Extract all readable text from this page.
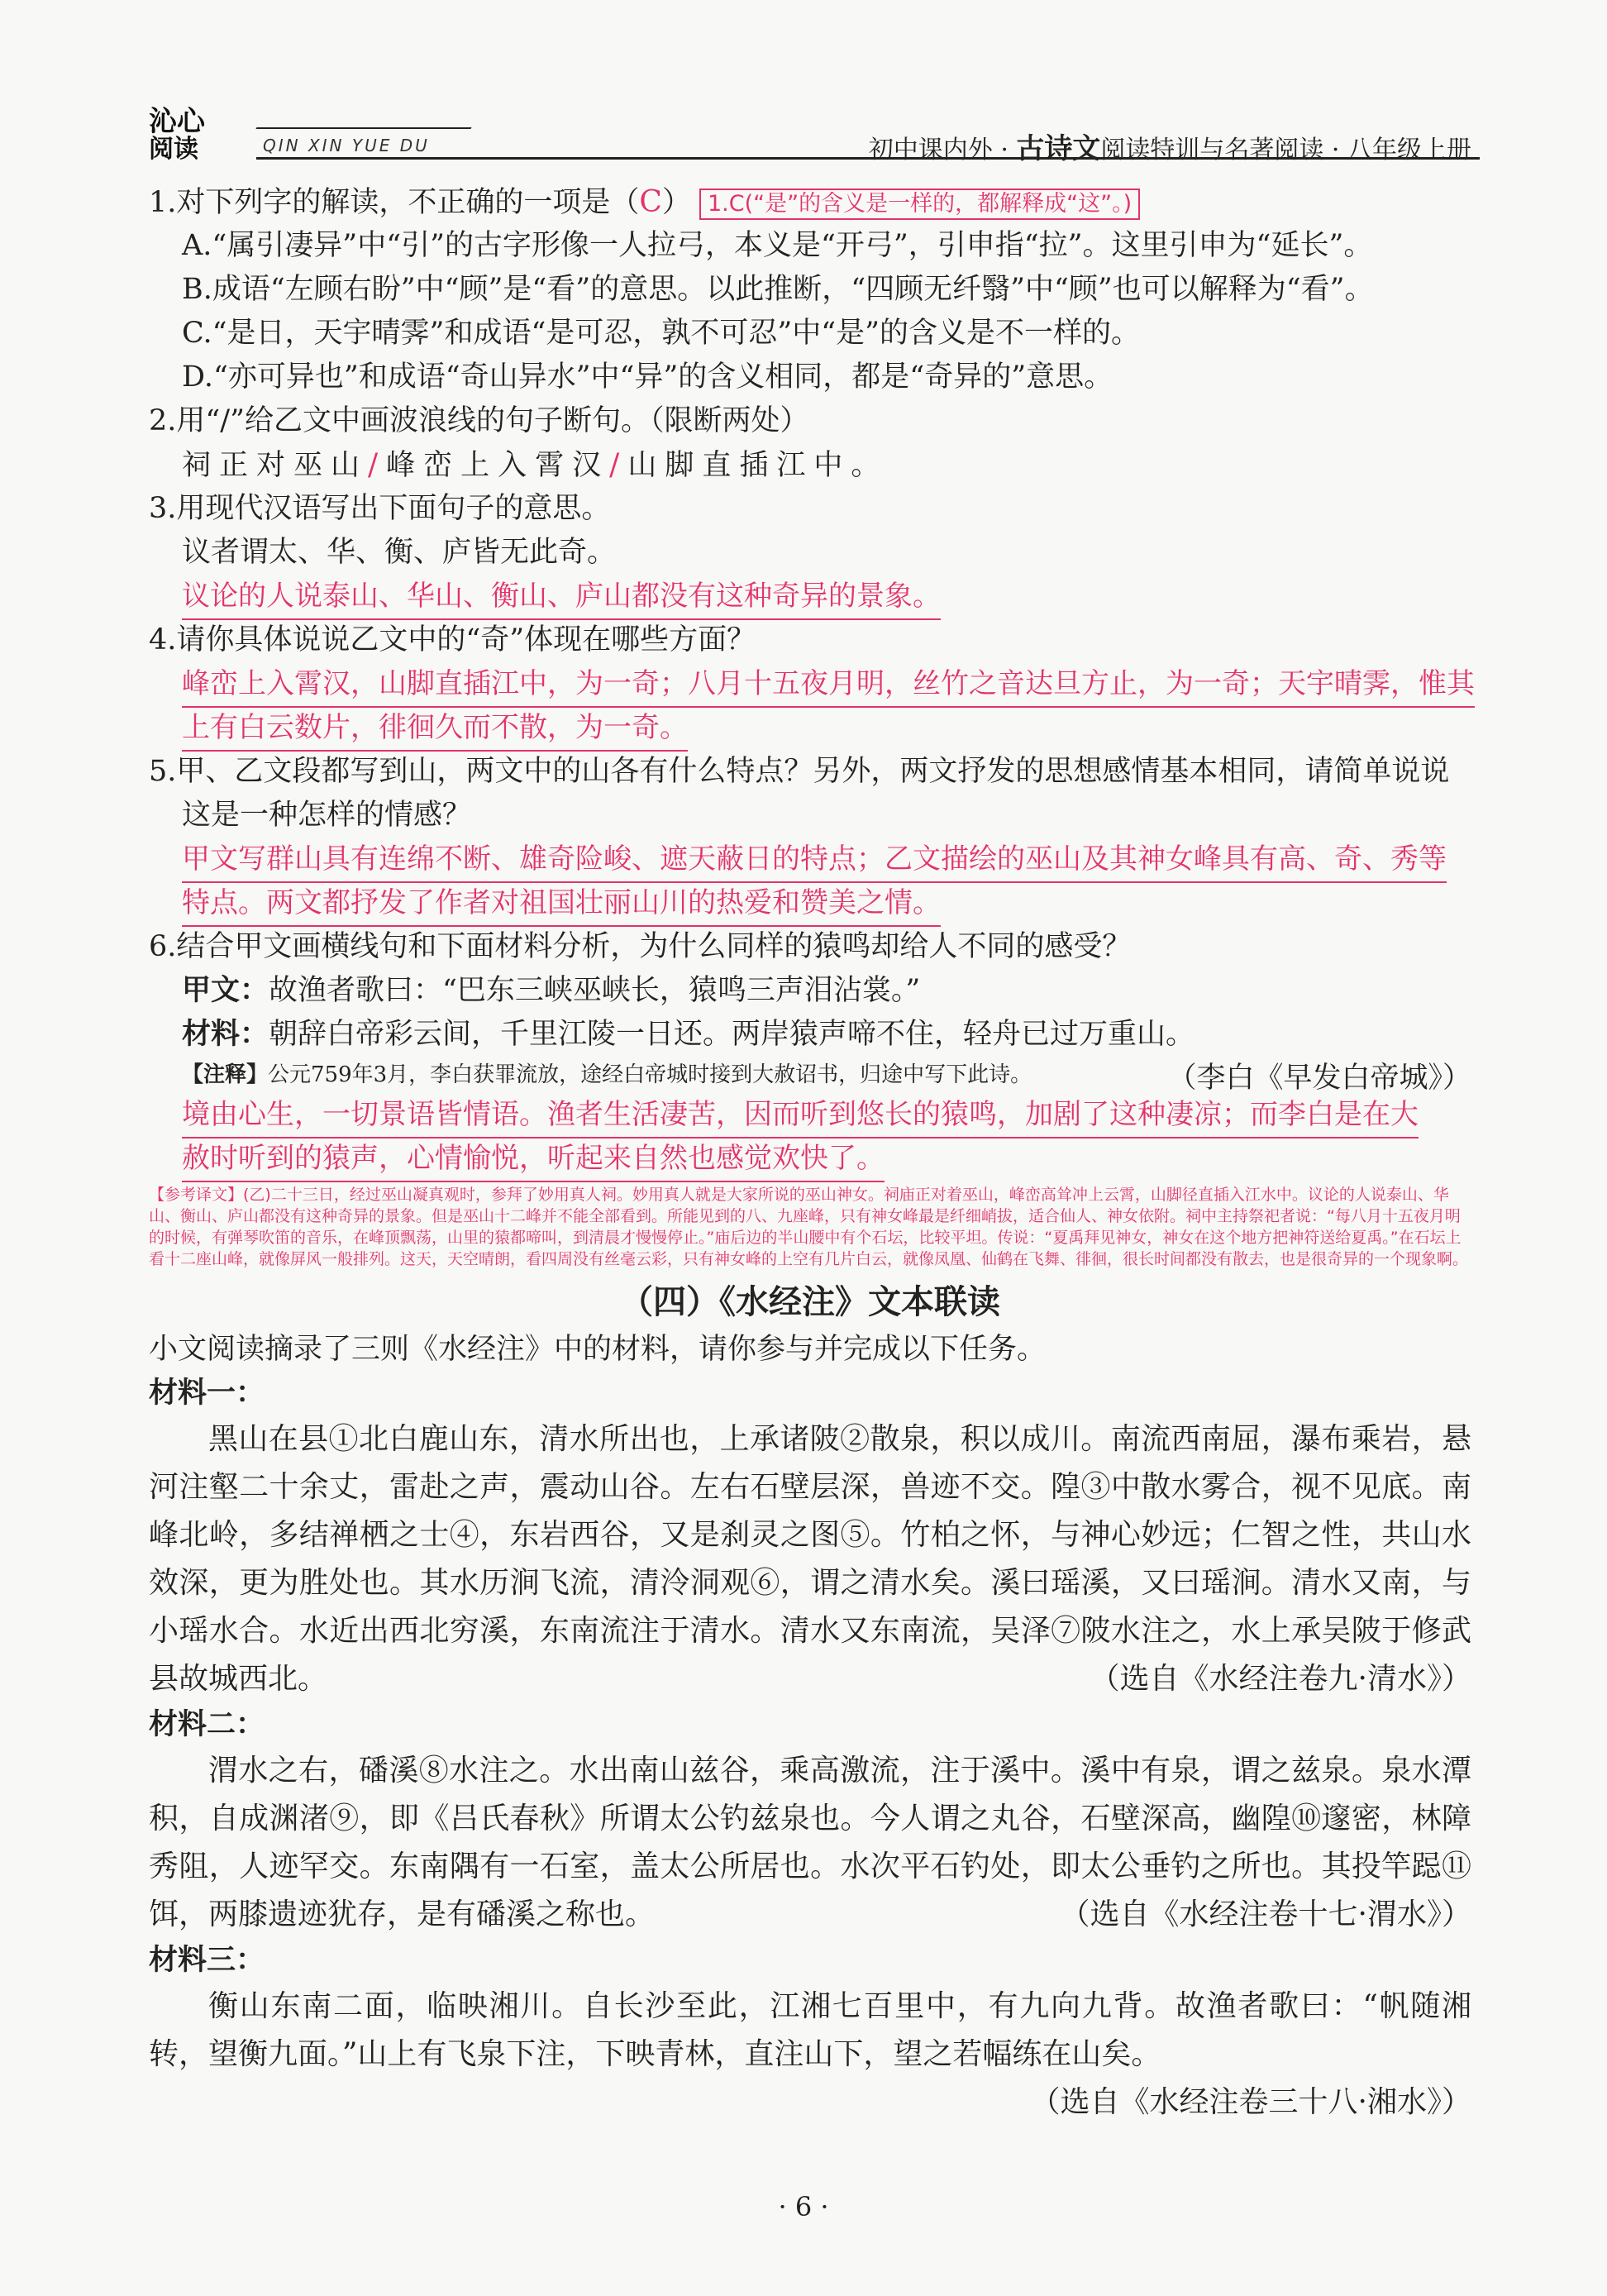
沁心
阅读	QIN XIN YUE DU	初中课内外 · 古诗文阅读特训与名著阅读 · 八年级上册
1.对下列字的解读，不正确的一项是（C） 1.C(“是”的含义是一样的，都解释成“这”。)
A.“属引凄异”中“引”的古字形像一人拉弓，本义是“开弓”，引申指“拉”。这里引申为“延长”。
B.成语“左顾右盼”中“顾”是“看”的意思。以此推断，“四顾无纤翳”中“顾”也可以解释为“看”。
C.“是日，天宇晴霁”和成语“是可忍，孰不可忍”中“是”的含义是不一样的。
D.“亦可异也”和成语“奇山异水”中“异”的含义相同，都是“奇异的”意思。
2.用“/”给乙文中画波浪线的句子断句。（限断两处）
祠正对巫山/峰峦上入霄汉/山脚直插江中。
3.用现代汉语写出下面句子的意思。
议者谓太、华、衡、庐皆无此奇。
议论的人说泰山、华山、衡山、庐山都没有这种奇异的景象。
4.请你具体说说乙文中的“奇”体现在哪些方面？
峰峦上入霄汉，山脚直插江中，为一奇；八月十五夜月明，丝竹之音达旦方止，为一奇；天宇晴霁，惟其
上有白云数片，徘徊久而不散，为一奇。
5.甲、乙文段都写到山，两文中的山各有什么特点？另外，两文抒发的思想感情基本相同，请简单说说
这是一种怎样的情感？
甲文写群山具有连绵不断、雄奇险峻、遮天蔽日的特点；乙文描绘的巫山及其神女峰具有高、奇、秀等
特点。两文都抒发了作者对祖国壮丽山川的热爱和赞美之情。
6.结合甲文画横线句和下面材料分析，为什么同样的猿鸣却给人不同的感受？
甲文：故渔者歌曰：“巴东三峡巫峡长，猿鸣三声泪沾裳。”
材料：朝辞白帝彩云间，千里江陵一日还。两岸猿声啼不住，轻舟已过万重山。
（李白《早发白帝城》）
【注释】公元759年3月，李白获罪流放，途经白帝城时接到大赦诏书，归途中写下此诗。
境由心生，一切景语皆情语。渔者生活凄苦，因而听到悠长的猿鸣，加剧了这种凄凉；而李白是在大
赦时听到的猿声，心情愉悦，听起来自然也感觉欢快了。
【参考译文】(乙)二十三日，经过巫山凝真观时，参拜了妙用真人祠。妙用真人就是大家所说的巫山神女。祠庙正对着巫山，峰峦高耸冲上云霄，山脚径直插入江水中。议论的人说泰山、华山、衡山、庐山都没有这种奇异的景象。但是巫山十二峰并不能全部看到。所能见到的八、九座峰，只有神女峰最是纤细峭拔，适合仙人、神女依附。祠中主持祭祀者说：“每八月十五夜月明的时候，有弹琴吹笛的音乐，在峰顶飘荡，山里的猿都啼叫，到清晨才慢慢停止。”庙后边的半山腰中有个石坛，比较平坦。传说：“夏禹拜见神女，神女在这个地方把神符送给夏禹。”在石坛上看十二座山峰，就像屏风一般排列。这天，天空晴朗，看四周没有丝毫云彩，只有神女峰的上空有几片白云，就像凤凰、仙鹤在飞舞、徘徊，很长时间都没有散去，也是很奇异的一个现象啊。
（四）《水经注》文本联读
小文阅读摘录了三则《水经注》中的材料，请你参与并完成以下任务。
材料一：

黑山在县①北白鹿山东，清水所出也，上承诸陂②散泉，积以成川。南流西南屈，瀑布乘岩，悬河注壑二十余丈，雷赴之声，震动山谷。左右石壁层深，兽迹不交。隍③中散水雾合，视不见底。南峰北岭，多结禅栖之士④，东岩西谷，又是刹灵之图⑤。竹柏之怀，与神心妙远；仁智之性，共山水效深，更为胜处也。其水历涧飞流，清泠洞观⑥，谓之清水矣。溪曰瑶溪，又曰瑶涧。清水又南，与小瑶水合。水近出西北穷溪，东南流注于清水。清水又东南流，吴泽⑦陂水注之，水上承吴陂于修武县故城西北。	（选自《水经注卷九·清水》）

材料二：

渭水之右，磻溪⑧水注之。水出南山兹谷，乘高激流，注于溪中。溪中有泉，谓之兹泉。泉水潭积，自成渊渚⑨，即《吕氏春秋》所谓太公钓兹泉也。今人谓之丸谷，石壁深高，幽隍⑩邃密，林障秀阻，人迹罕交。东南隅有一石室，盖太公所居也。水次平石钓处，即太公垂钓之所也。其投竿跽⑪饵，两膝遗迹犹存，是有磻溪之称也。	（选自《水经注卷十七·渭水》）

材料三：

衡山东南二面，临映湘川。自长沙至此，江湘七百里中，有九向九背。故渔者歌曰：“帆随湘转，望衡九面。”山上有飞泉下注，下映青林，直注山下，望之若幅练在山矣。

（选自《水经注卷三十八·湘水》）

· 6 ·
